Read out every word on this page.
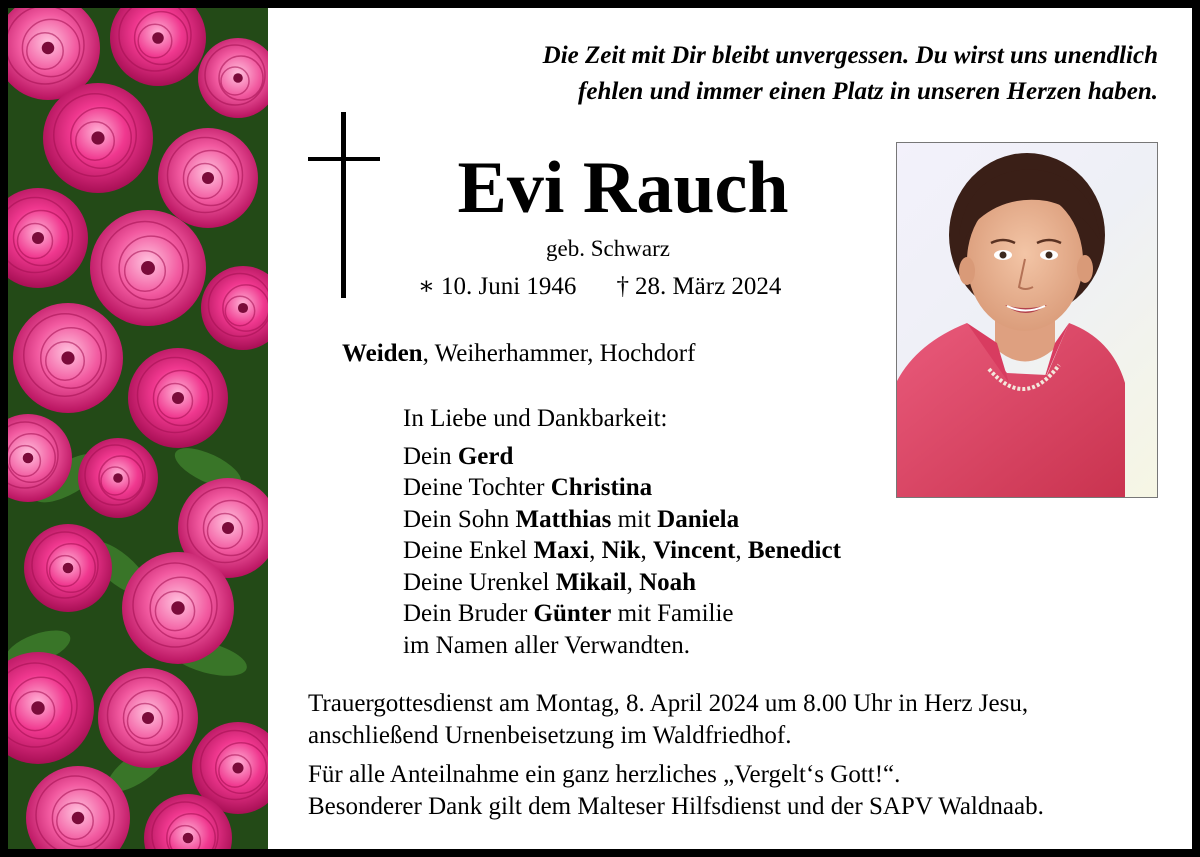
Die Zeit mit Dir bleibt unvergessen. Du wirst uns unendlich
fehlen und immer einen Platz in unseren Herzen haben.
Evi Rauch
geb. Schwarz
∗ 10. Juni 1946 † 28. März 2024
Weiden, Weiherhammer, Hochdorf
In Liebe und Dankbarkeit:
Dein Gerd
Deine Tochter Christina
Dein Sohn Matthias mit Daniela
Deine Enkel Maxi, Nik, Vincent, Benedict
Deine Urenkel Mikail, Noah
Dein Bruder Günter mit Familie
im Namen aller Verwandten.
Trauergottesdienst am Montag, 8. April 2024 um 8.00 Uhr in Herz Jesu,
anschließend Urnenbeisetzung im Waldfriedhof.
Für alle Anteilnahme ein ganz herzliches „Vergelt‘s Gott!“.
Besonderer Dank gilt dem Malteser Hilfsdienst und der SAPV Waldnaab.
